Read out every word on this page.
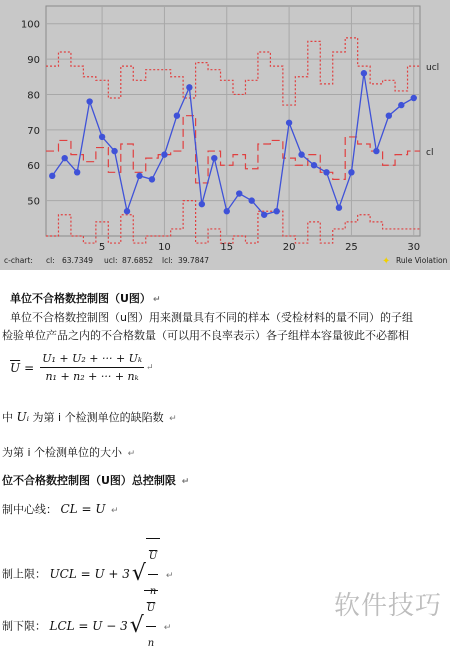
50
60
70
80
90
100
5	10	15	20	25	30
ucl
cl
c-chart: cl: 63.7349 ucl: 87.6852 lcl: 39.7847	✦ Rule Violation
单位不合格数控制图（U图） ↵
单位不合格数控制图（u图）用来测量具有不同的样本（受检材料的量不同）的子组
检验单位产品之内的不合格数量（可以用不良率表示）各子组样本容量彼此不必都相
$\overline{U} = \frac{\text{U₁ + U₂ + ··· + Uₖ}}{\text{n₁ + n₂ + ··· + nₖ}}$ ↵
中 Uᵢ 为第 i 个检测单位的缺陷数 ↵
为第 i 个检测单位的大小 ↵
位不合格数控制图（U图）总控制限 ↵
制中心线： CL = U ↵
制上限： UCL = U + 3 √ $\frac{U}{n}$ ↵
制下限： LCL = U − 3 √ $\frac{U}{n}$ ↵
软件技巧
